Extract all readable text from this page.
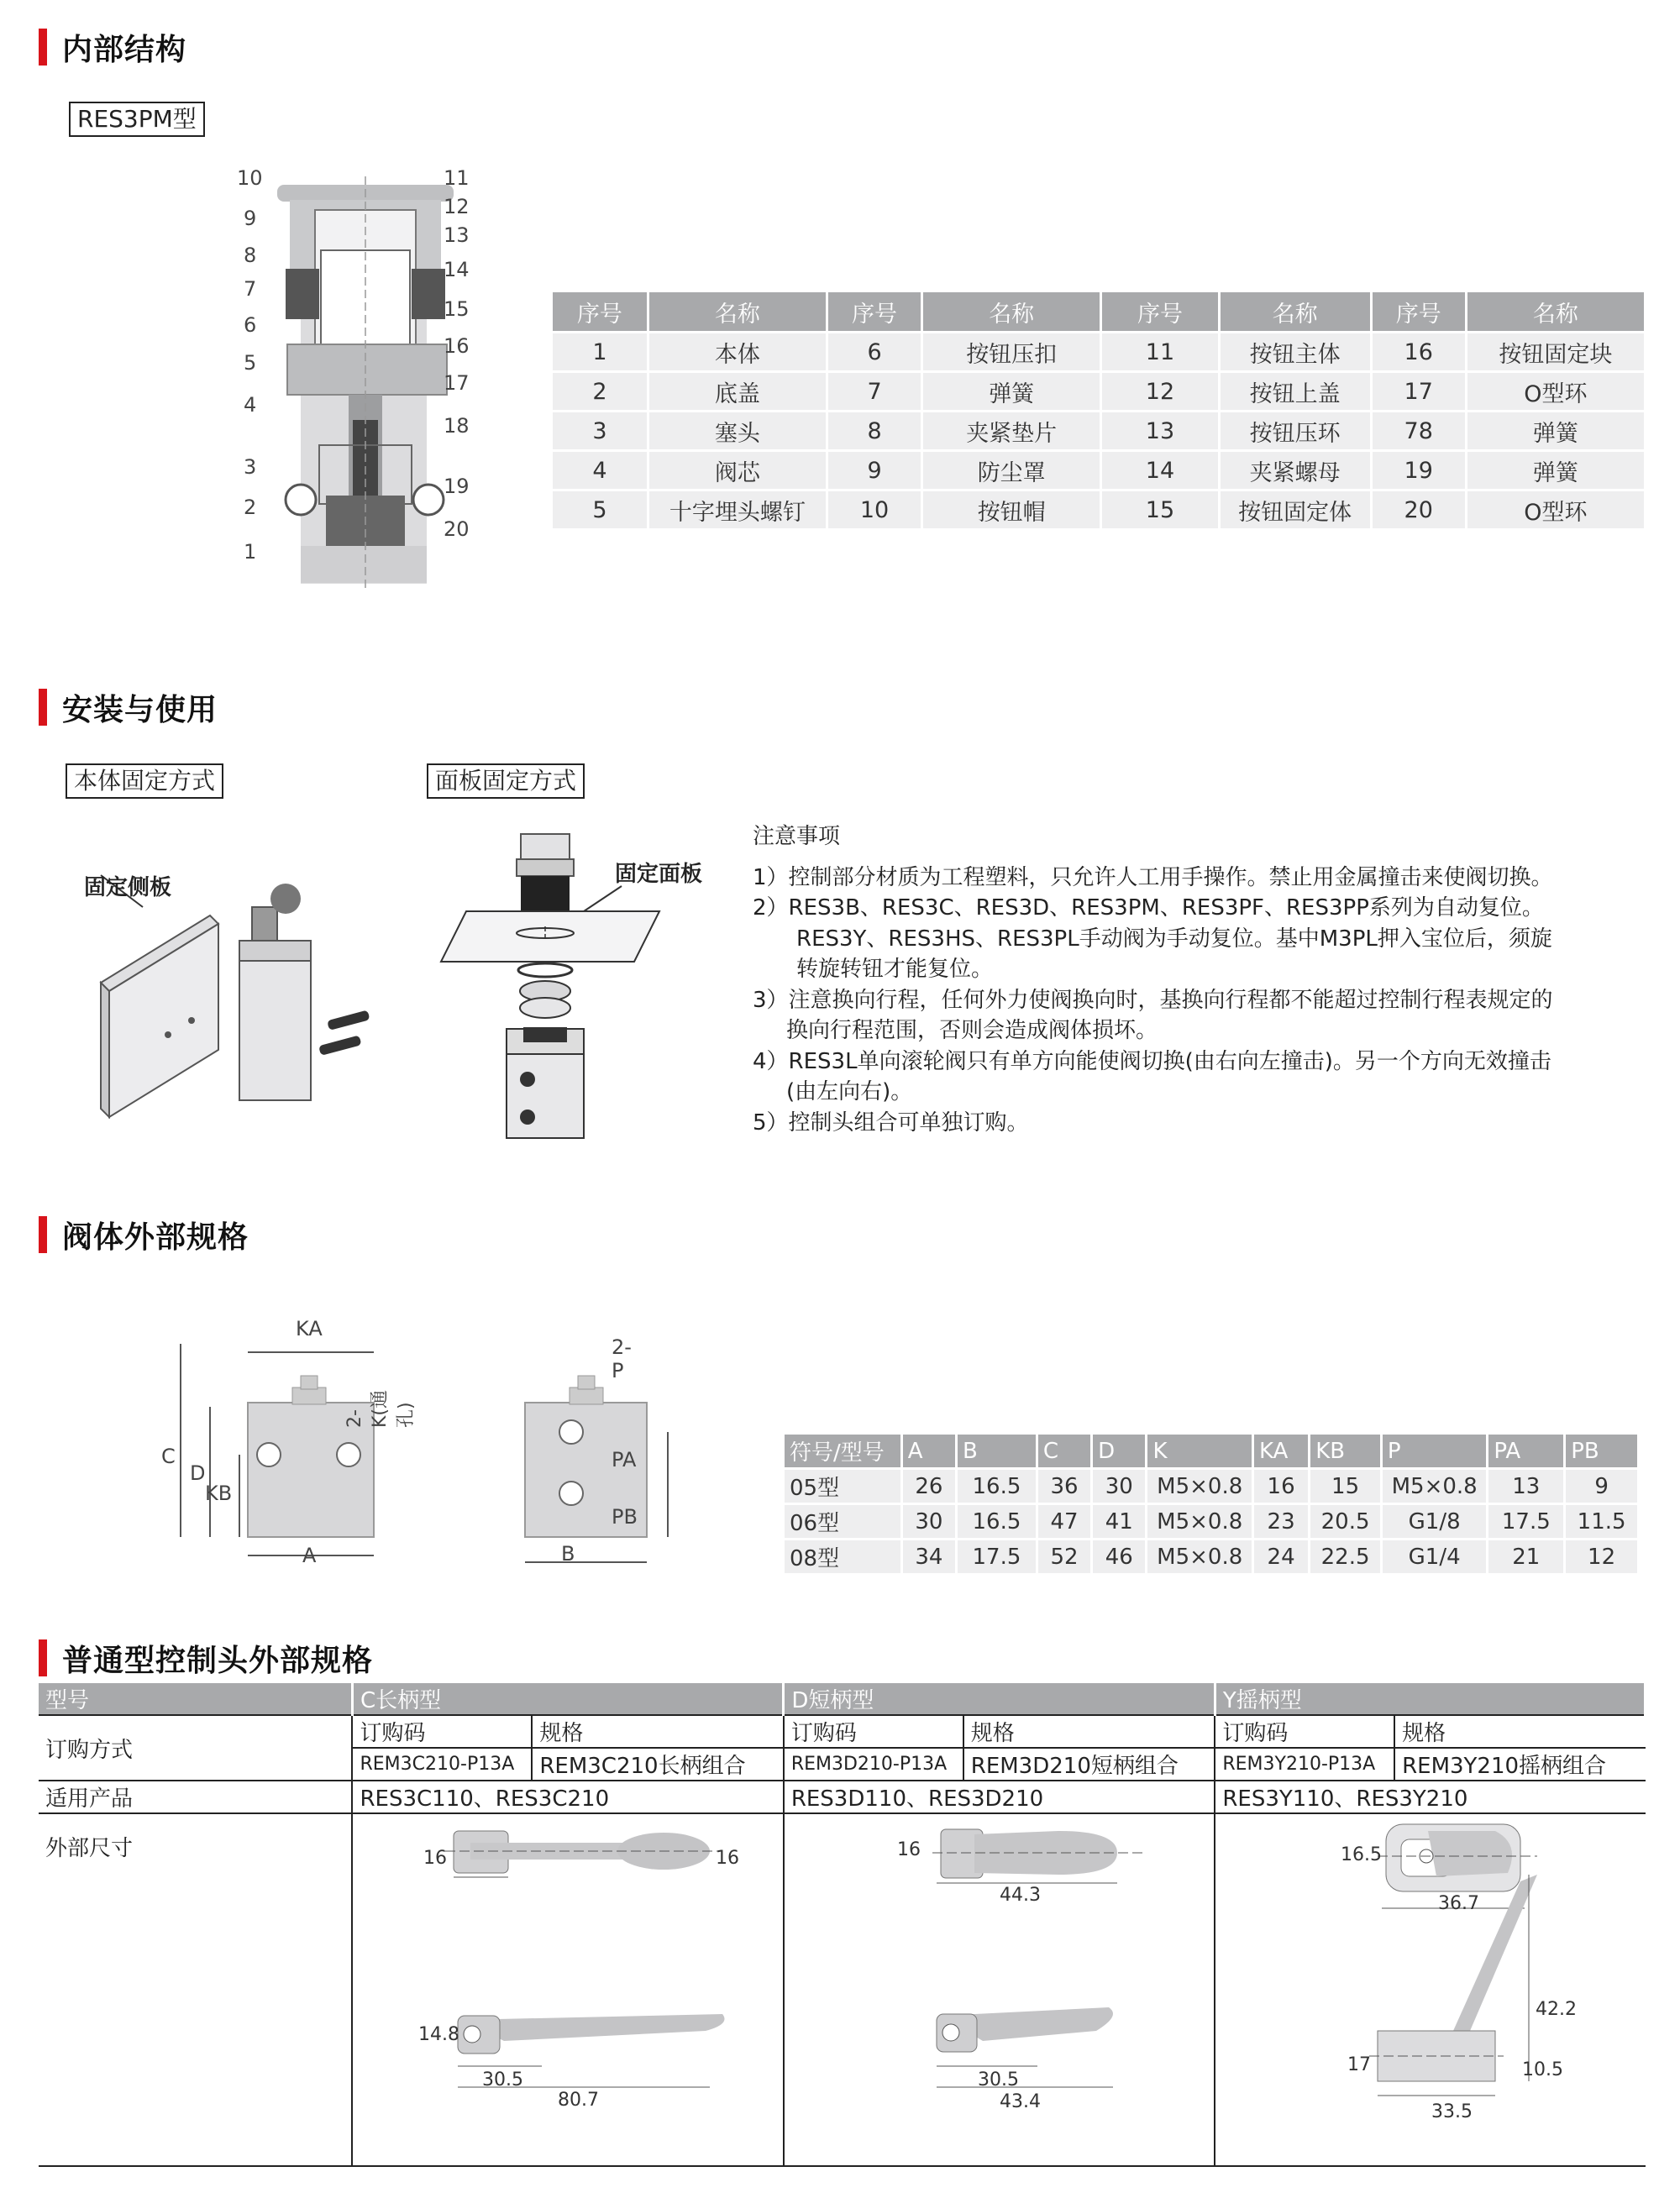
内部结构
RES3PM型
10	11
9	12
8
13
7
14
6
15
5
16
17
4
18
3
19
2
20
1
序号	名称	序号	名称	序号	名称	序号	名称
1	本体	6	按钮压扣	11	按钮主体	16	按钮固定块
2	底盖	7	弹簧	12	按钮上盖	17	O型环
3	塞头	8	夹紧垫片	13	按钮压环	78	弹簧
4	阀芯	9	防尘罩	14	夹紧螺母	19	弹簧
5	十字埋头螺钉	10	按钮帽	15	按钮固定体	20	O型环
安装与使用
本体固定方式	面板固定方式
固定侧板
固定面板
注意事项
1）控制部分材质为工程塑料，只允许人工用手操作。禁止用金属撞击来使阀切换。
2）RES3B、RES3C、RES3D、RES3PM、RES3PF、RES3PP系列为自动复位。
RES3Y、RES3HS、RES3PL手动阀为手动复位。基中M3PL押入宝位后，须旋
转旋转钮才能复位。
3）注意换向行程，任何外力使阀换向时，基换向行程都不能超过控制行程表规定的
换向行程范围，否则会造成阀体损坏。
4）RES3L单向滚轮阀只有单方向能使阀切换(由右向左撞击)。另一个方向无效撞击
(由左向右)。
5）控制头组合可单独订购。
阀体外部规格
KA
2-K(通孔)
C
D
KB
A
2-P
PA
PB
B
符号/型号	A	B	C	D	K	KA	KB	P	PA	PB
05型	26	16.5	36	30	M5×0.8	16	15	M5×0.8	13	9
06型	30	16.5	47	41	M5×0.8	23	20.5	G1/8	17.5	11.5
08型	34	17.5	52	46	M5×0.8	24	22.5	G1/4	21	12
普通型控制头外部规格
型号	C长柄型		D短柄型		Y摇柄型	
订购方式	订购码	规格	订购码	规格	订购码	规格
	REM3C210-P13A	REM3C210长柄组合	REM3D210-P13A	REM3D210短柄组合	REM3Y210-P13A	REM3Y210摇柄组合
适用产品	RES3C110、RES3C210		RES3D110、RES3D210		RES3Y110、RES3Y210	
外部尺寸							16	16
14.8
30.5
80.7
16
44.3
30.5
43.4
16.5
36.7
42.2
17	10.5
33.5
